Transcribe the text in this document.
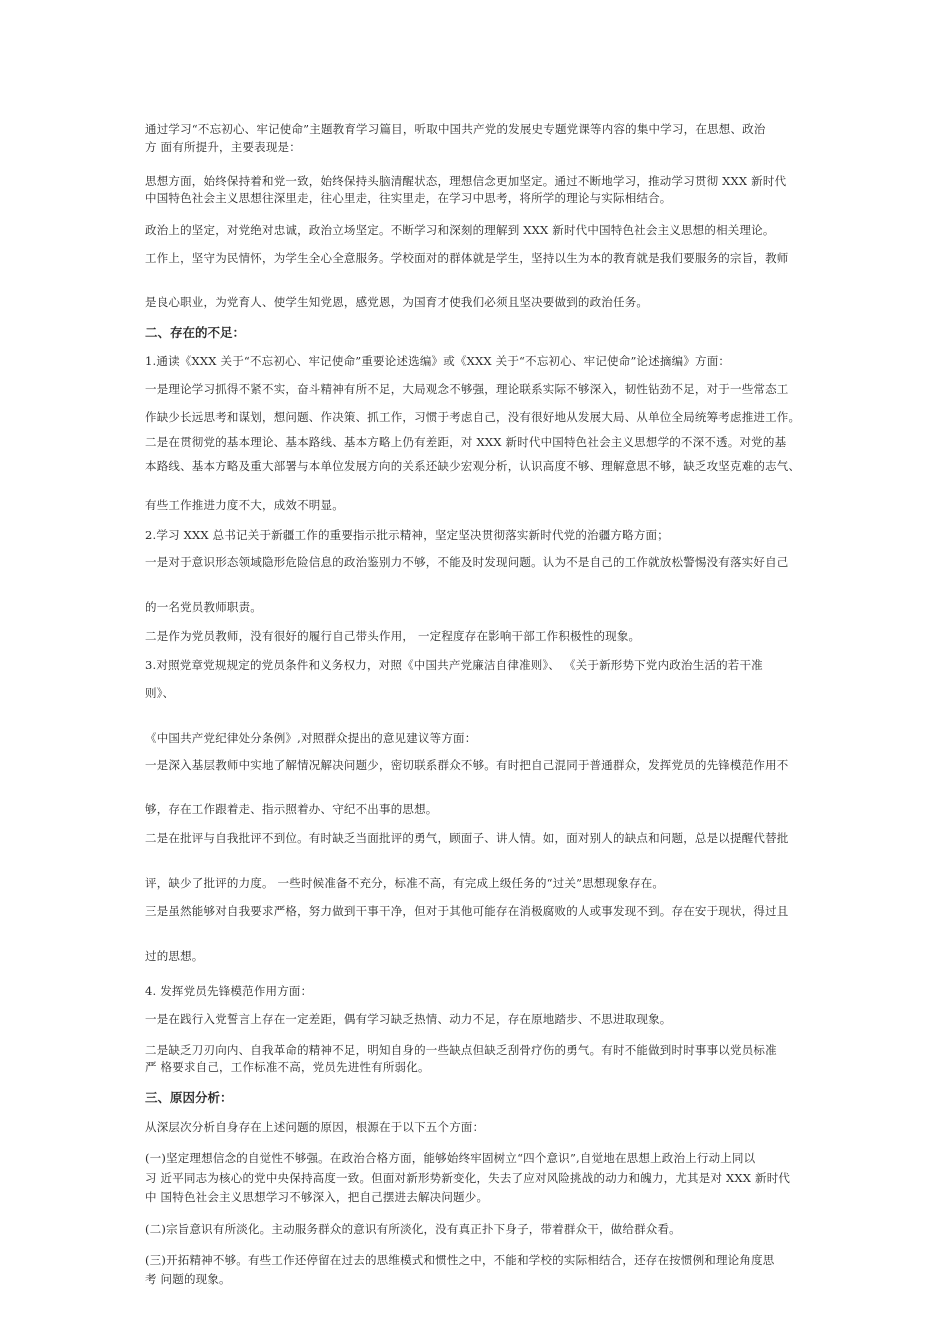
通过学习“不忘初心、牢记使命”主题教育学习篇目，听取中国共产党的发展史专题党课等内容的集中学习，在思想、政治

方 面有所提升，主要表现是：

思想方面，始终保持着和党一致，始终保持头脑清醒状态，理想信念更加坚定。通过不断地学习，推动学习贯彻 XXX 新时代

中国特色社会主义思想往深里走，往心里走，往实里走，在学习中思考，将所学的理论与实际相结合。

政治上的坚定，对党绝对忠诚，政治立场坚定。不断学习和深刻的理解到 XXX 新时代中国特色社会主义思想的相关理论。

工作上，坚守为民情怀，为学生全心全意服务。学校面对的群体就是学生，坚持以生为本的教育就是我们要服务的宗旨，教师

是良心职业，为党育人、使学生知党恩，感党恩，为国育才使我们必须且坚决要做到的政治任务。

二、存在的不足：

1.通读《XXX 关于“不忘初心、牢记使命”重要论述选编》或《XXX 关于“不忘初心、牢记使命”论述摘编》方面：

一是理论学习抓得不紧不实，奋斗精神有所不足，大局观念不够强，理论联系实际不够深入，韧性钻劲不足，对于一些常态工

作缺少长远思考和谋划，想问题、作决策、抓工作，习惯于考虑自己，没有很好地从发展大局、从单位全局统筹考虑推进工作。

二是在贯彻党的基本理论、基本路线、基本方略上仍有差距，对 XXX 新时代中国特色社会主义思想学的不深不透。对党的基

本路线、基本方略及重大部署与本单位发展方向的关系还缺少宏观分析，认识高度不够、理解意思不够，缺乏攻坚克难的志气、

有些工作推进力度不大，成效不明显。

2.学习 XXX 总书记关于新疆工作的重要指示批示精神，坚定坚决贯彻落实新时代党的治疆方略方面；

一是对于意识形态领域隐形危险信息的政治鉴别力不够，不能及时发现问题。认为不是自己的工作就放松警惕没有落实好自己

的一名党员教师职责。

二是作为党员教师，没有很好的履行自己带头作用， 一定程度存在影响干部工作积极性的现象。

3.对照党章党规规定的党员条件和义务权力，对照《中国共产党廉洁自律准则》、 《关于新形势下党内政治生活的若干准

则》、

《中国共产党纪律处分条例》,对照群众提出的意见建议等方面：

一是深入基层教师中实地了解情况解决问题少，密切联系群众不够。有时把自己混同于普通群众，发挥党员的先锋模范作用不

够，存在工作跟着走、指示照着办、守纪不出事的思想。

二是在批评与自我批评不到位。有时缺乏当面批评的勇气，顾面子、讲人情。如，面对别人的缺点和问题，总是以提醒代替批

评，缺少了批评的力度。 一些时候准备不充分，标准不高，有完成上级任务的“过关”思想现象存在。

三是虽然能够对自我要求严格，努力做到干事干净，但对于其他可能存在消极腐败的人或事发现不到。存在安于现状，得过且

过的思想。

4. 发挥党员先锋模范作用方面：

一是在践行入党誓言上存在一定差距，偶有学习缺乏热情、动力不足，存在原地踏步、不思进取现象。

二是缺乏刀刃向内、自我革命的精神不足，明知自身的一些缺点但缺乏刮骨疗伤的勇气。有时不能做到时时事事以党员标准

严 格要求自己，工作标准不高，党员先进性有所弱化。

三、原因分析：

从深层次分析自身存在上述问题的原因，根源在于以下五个方面：

(一)坚定理想信念的自觉性不够强。在政治合格方面，能够始终牢固树立“四个意识”,自觉地在思想上政治上行动上同以

习 近平同志为核心的党中央保持高度一致。但面对新形势新变化，失去了应对风险挑战的动力和魄力，尤其是对 XXX 新时代

中 国特色社会主义思想学习不够深入，把自己摆进去解决问题少。

(二)宗旨意识有所淡化。主动服务群众的意识有所淡化，没有真正扑下身子，带着群众干，做给群众看。

(三)开拓精神不够。有些工作还停留在过去的思维模式和惯性之中，不能和学校的实际相结合，还存在按惯例和理论角度思

考 问题的现象。
